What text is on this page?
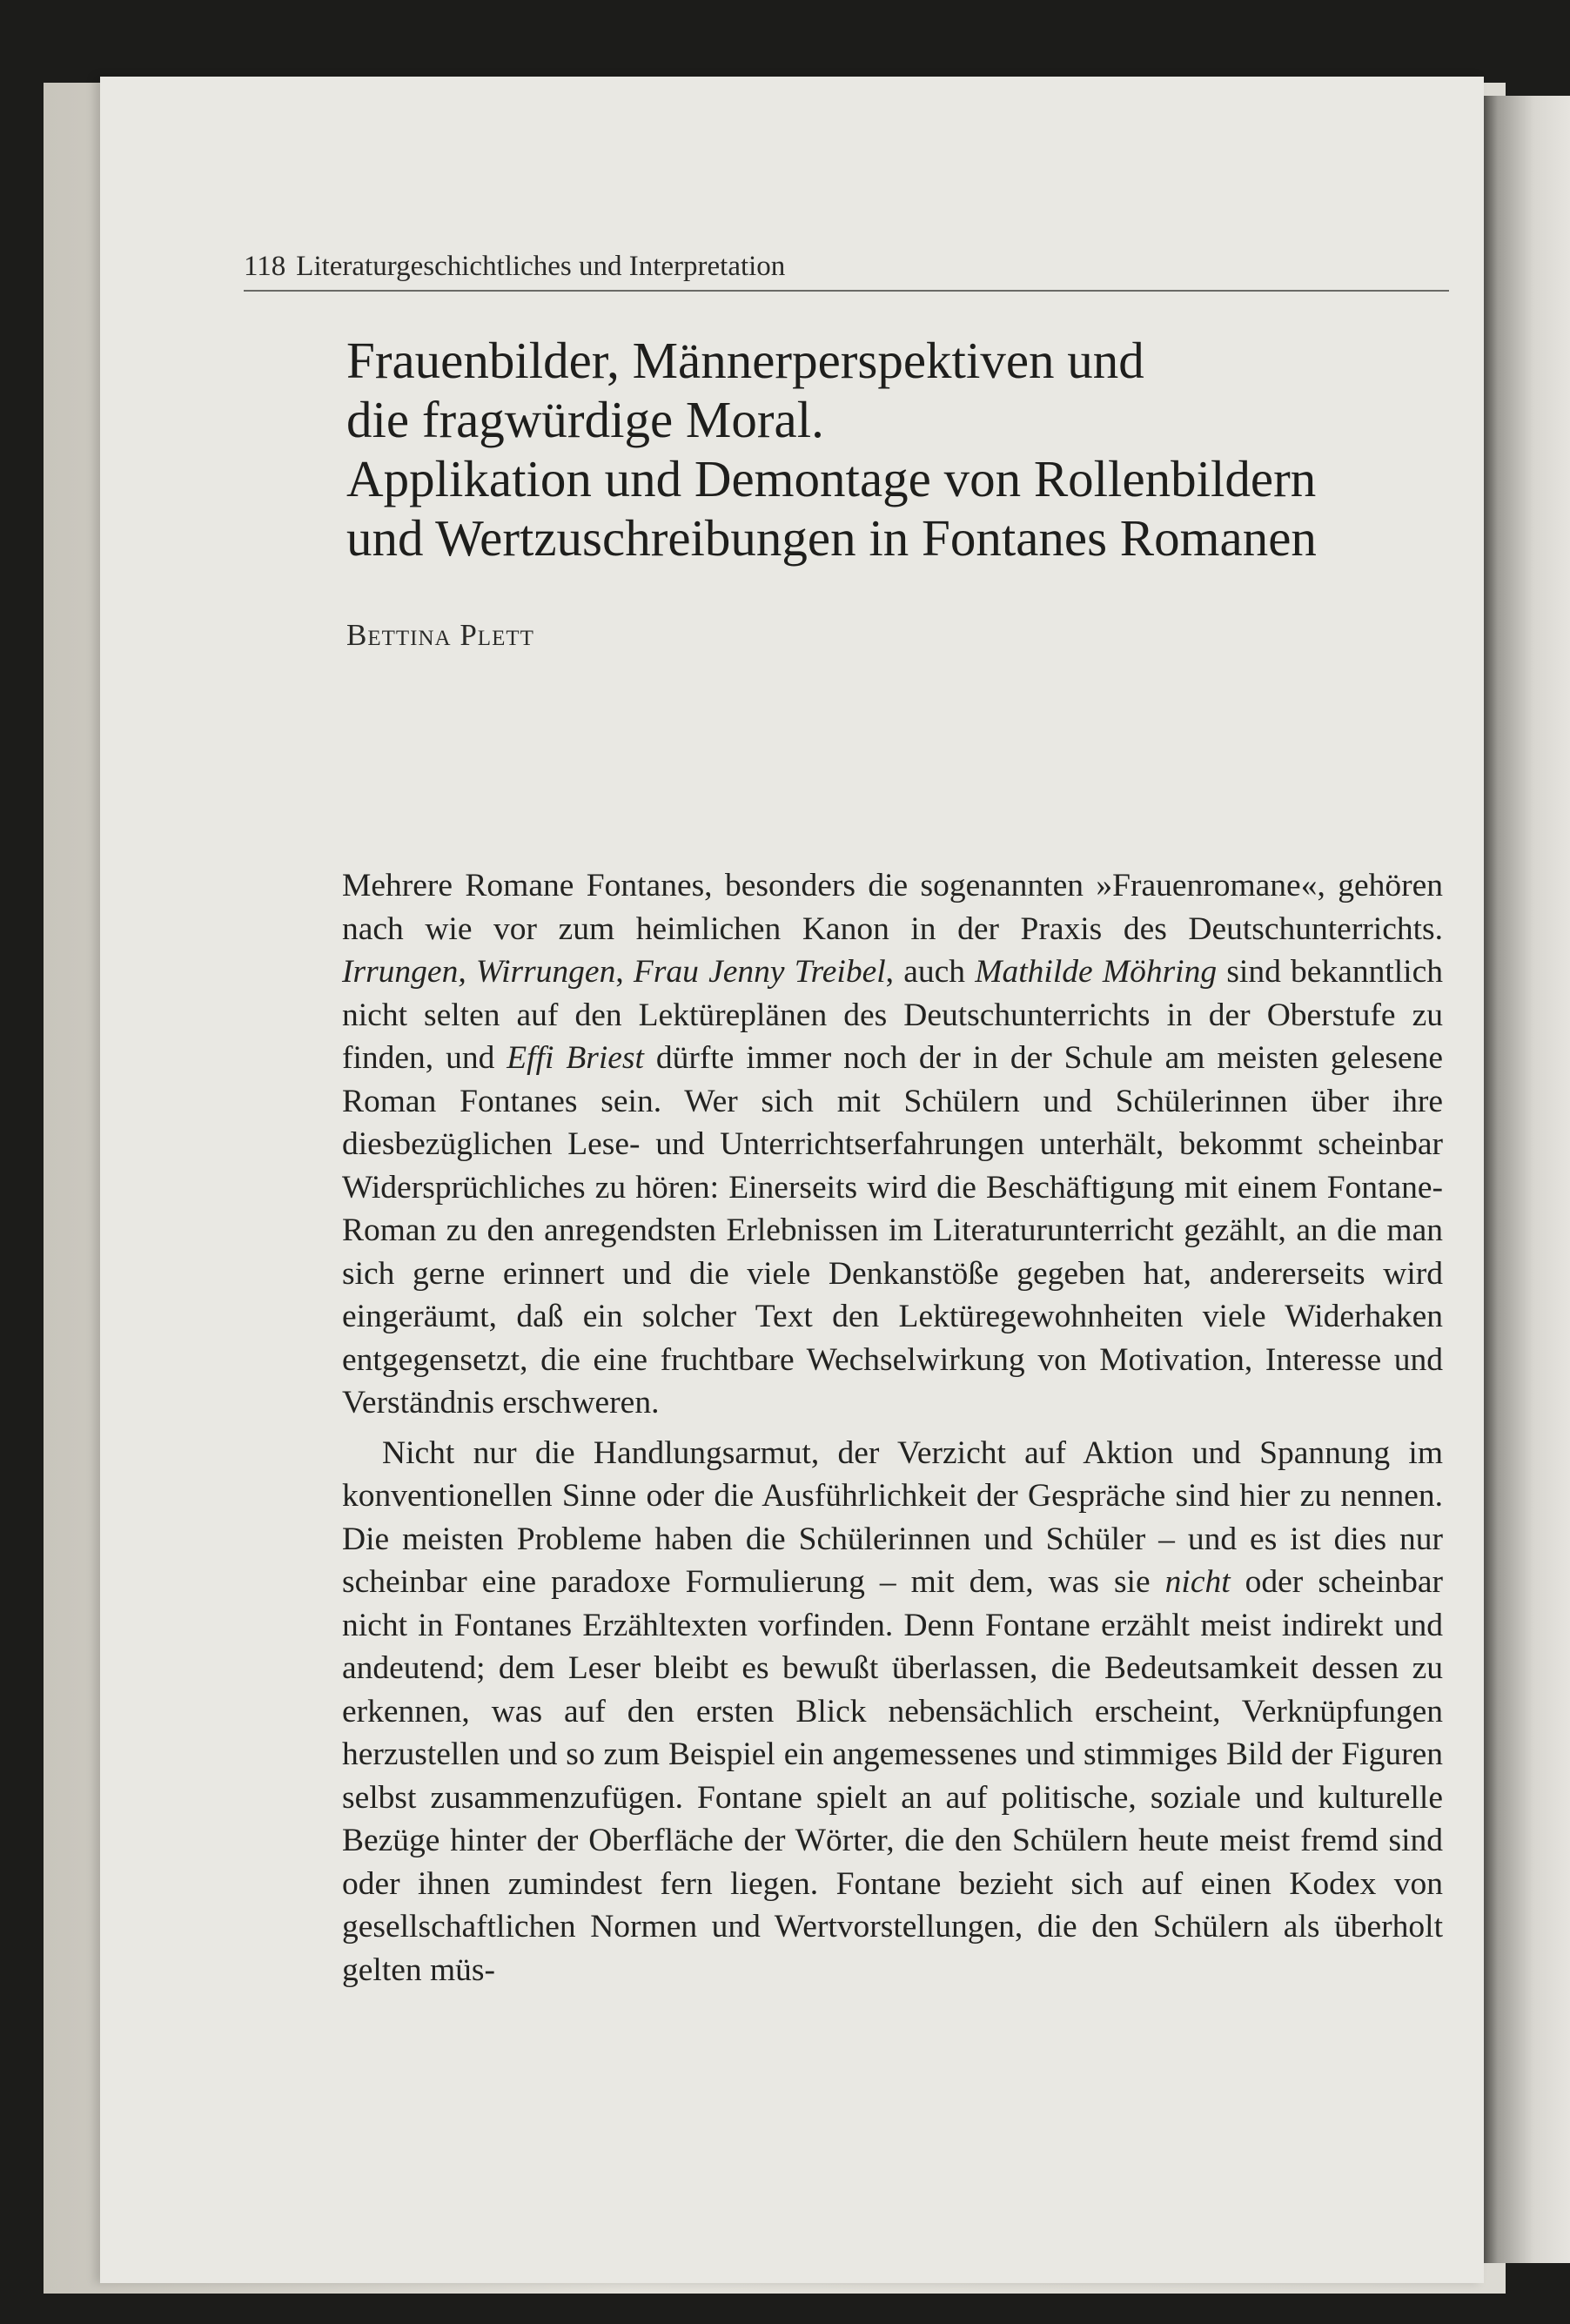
118 Literaturgeschichtliches und Interpretation
Frauenbilder, Männerperspektiven und
die fragwürdige Moral.
Applikation und Demontage von Rollenbildern
und Wertzuschreibungen in Fontanes Romanen
Bettina Plett

Mehrere Romane Fontanes, besonders die sogenannten »Frauenromane«, gehören nach wie vor zum heimlichen Kanon in der Praxis des Deutschunterrichts. Irrungen, Wirrungen, Frau Jenny Treibel, auch Mathilde Möhring sind bekanntlich nicht selten auf den Lektüreplänen des Deutschunterrichts in der Oberstufe zu finden, und Effi Briest dürfte immer noch der in der Schule am meisten gelesene Roman Fontanes sein. Wer sich mit Schülern und Schülerinnen über ihre diesbezüglichen Lese- und Unterrichtserfahrungen unterhält, bekommt scheinbar Widersprüchliches zu hören: Einerseits wird die Beschäftigung mit einem Fontane-Roman zu den anregendsten Erlebnissen im Literaturunterricht gezählt, an die man sich gerne erinnert und die viele Denkanstöße gegeben hat, andererseits wird eingeräumt, daß ein solcher Text den Lektüregewohnheiten viele Widerhaken entgegensetzt, die eine fruchtbare Wechselwirkung von Motivation, Interesse und Verständnis erschweren.

Nicht nur die Handlungsarmut, der Verzicht auf Aktion und Spannung im konventionellen Sinne oder die Ausführlichkeit der Gespräche sind hier zu nennen. Die meisten Probleme haben die Schülerinnen und Schüler – und es ist dies nur scheinbar eine paradoxe Formulierung – mit dem, was sie nicht oder scheinbar nicht in Fontanes Erzähltexten vorfinden. Denn Fontane erzählt meist indirekt und andeutend; dem Leser bleibt es bewußt überlassen, die Bedeutsamkeit dessen zu erkennen, was auf den ersten Blick nebensächlich erscheint, Verknüpfungen herzustellen und so zum Beispiel ein angemessenes und stimmiges Bild der Figuren selbst zusammenzufügen. Fontane spielt an auf politische, soziale und kulturelle Bezüge hinter der Oberfläche der Wörter, die den Schülern heute meist fremd sind oder ihnen zumindest fern liegen. Fontane bezieht sich auf einen Kodex von gesellschaftlichen Normen und Wertvorstellungen, die den Schülern als überholt gelten müs-
